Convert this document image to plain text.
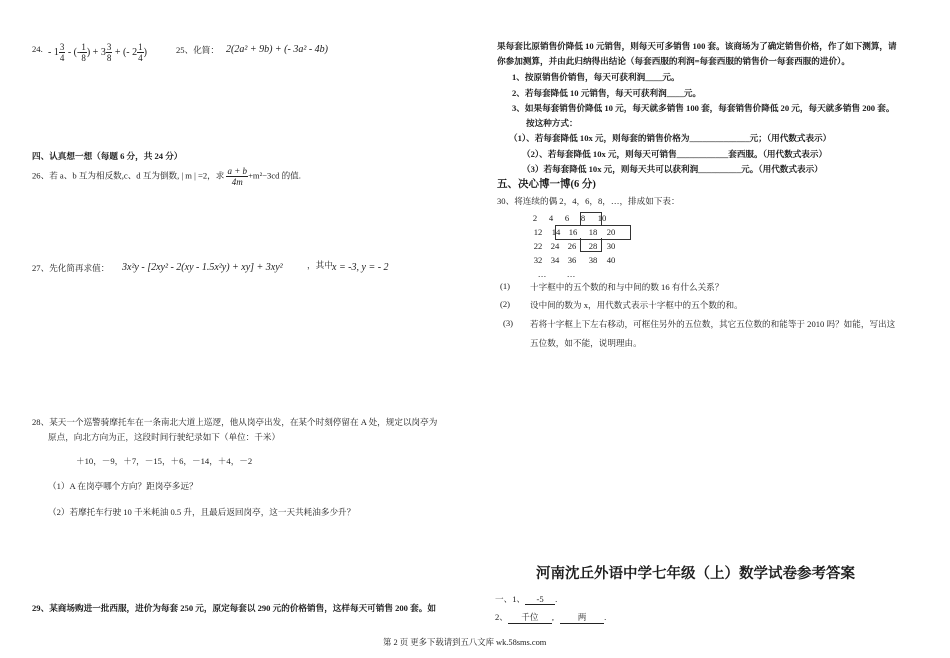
24. - $1 \frac{3}{4}$ - (- $\frac{1}{8}$ ) + $3 \frac{3}{8}$ + (- $2 \frac{1}{4}$ )	25、化简： 2(2a² + 9b) + (- 3a² - 4b)
四、认真想一想（每题 6 分，共 24 分）
26、若 a、b 互为相反数,c、d 互为倒数, | m | =2，求 $\frac{a + b}{4m} +m^2-3cd$ 的值.
27、先化简再求值： 3x²y - [2xy² - 2(xy - 1.5x²y) + xy] + 3xy²	，其中 x = -3, y = - 2
28、某天一个巡警骑摩托车在一条南北大道上巡逻，他从岗亭出发，在某个时刻停留在 A 处，规定以岗亭为
原点，向北方向为正，这段时间行驶纪录如下（单位：千米）
＋10，－9，＋7，－15，＋6，－14，＋4，－2
（1）A 在岗亭哪个方向？距岗亭多远？
（2）若摩托车行驶 10 千米耗油 0.5 升，且最后返回岗亭，这一天共耗油多少升？
29、某商场购进一批西服，进价为每套 250 元，原定每套以 290 元的价格销售，这样每天可销售 200 套。如
果每套比原销售价降低 10 元销售，则每天可多销售 100 套。该商场为了确定销售价格，作了如下测算，请
你参加测算，并由此归纳得出结论（每套西服的利润=每套西服的销售价一每套西服的进价）。
1、按原销售价销售，每天可获利润____元。
2、若每套降低 10 元销售，每天可获利润____元。
3、如果每套销售价降低 10 元，每天就多销售 100 套，每套销售价降低 20 元，每天就多销售 200 套。
按这种方式：
（1）、若每套降低 10x 元，则每套的销售价格为______________元；（用代数式表示）
（2）、若每套降低 10x 元，则每天可销售____________套西服。（用代数式表示）
（3）若每套降低 10x 元，则每天共可以获利润__________元。（用代数式表示）
五、决心博一博(6 分)
30、将连续的偶 2，4，6，8，…，排成如下表：
2	4	6	8	10
12	14 16	18	20
22 24 26	28	30
32 34 36	38	40
…	…
(1) 十字框中的五个数的和与中间的数 16 有什么关系？
(2) 设中间的数为 x，用代数式表示十字框中的五个数的和。
(3) 若将十字框上下左右移动，可框住另外的五位数，其它五位数的和能等于 2010 吗？如能，写出这
五位数，如不能，说明理由。
河南沈丘外语中学七年级（上）数学试卷参考答案
一、1、 -5 .
2、 千位 ,	两 .
第 2 页 更多下载请到五八文库 wk.58sms.com
